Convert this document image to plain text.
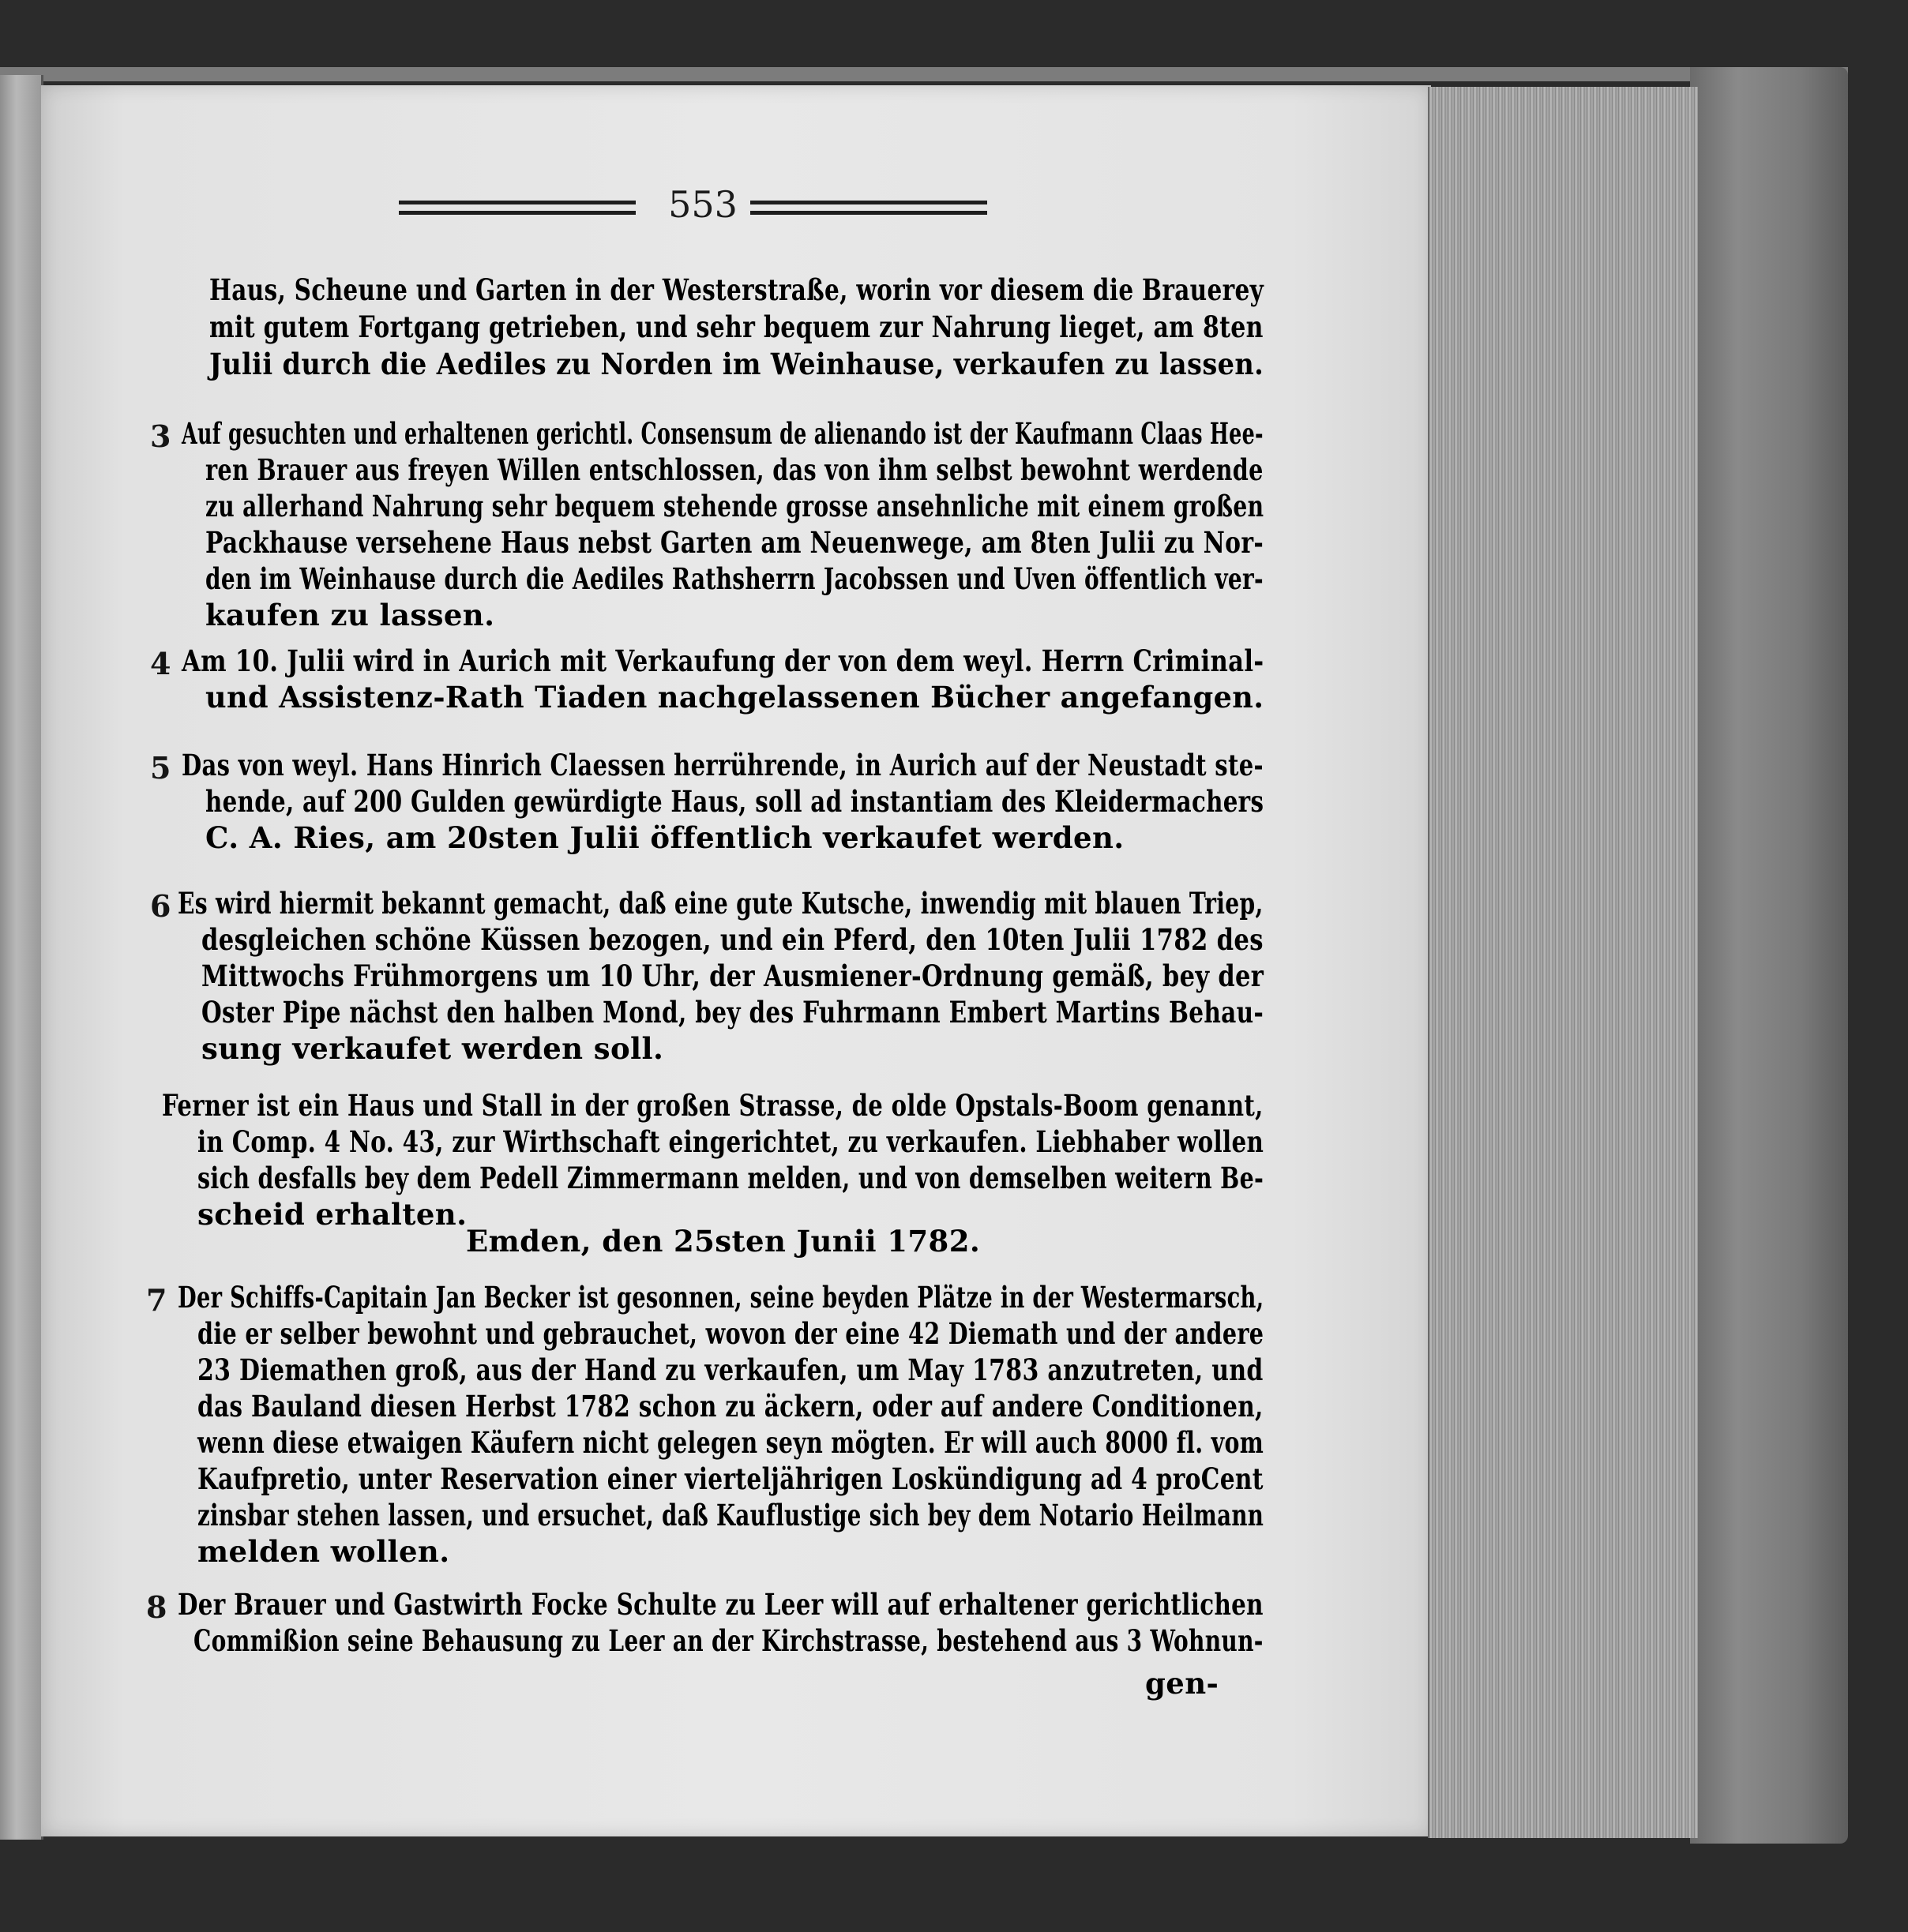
553
Haus, Scheune und Garten in der Westerstraße, worin vor diesem die Brauerey
mit gutem Fortgang getrieben, und sehr bequem zur Nahrung lieget, am 8ten
Julii durch die Aediles zu Norden im Weinhause, verkaufen zu lassen.
3 Auf gesuchten und erhaltenen gerichtl. Consensum de alienando ist der Kaufmann Claas Hee-
ren Brauer aus freyen Willen entschlossen, das von ihm selbst bewohnt werdende
zu allerhand Nahrung sehr bequem stehende grosse ansehnliche mit einem großen
Packhause versehene Haus nebst Garten am Neuenwege, am 8ten Julii zu Nor-
den im Weinhause durch die Aediles Rathsherrn Jacobssen und Uven öffentlich ver-
kaufen zu lassen.
4 Am 10. Julii wird in Aurich mit Verkaufung der von dem weyl. Herrn Criminal-
und Assistenz-Rath Tiaden nachgelassenen Bücher angefangen.
5 Das von weyl. Hans Hinrich Claessen herrührende, in Aurich auf der Neustadt ste-
hende, auf 200 Gulden gewürdigte Haus, soll ad instantiam des Kleidermachers
C. A. Ries, am 20sten Julii öffentlich verkaufet werden.
6 Es wird hiermit bekannt gemacht, daß eine gute Kutsche, inwendig mit blauen Triep,
desgleichen schöne Küssen bezogen, und ein Pferd, den 10ten Julii 1782 des
Mittwochs Frühmorgens um 10 Uhr, der Ausmiener-Ordnung gemäß, bey der
Oster Pipe nächst den halben Mond, bey des Fuhrmann Embert Martins Behau-
sung verkaufet werden soll.
Ferner ist ein Haus und Stall in der großen Strasse, de olde Opstals-Boom genannt,
in Comp. 4 No. 43, zur Wirthschaft eingerichtet, zu verkaufen. Liebhaber wollen
sich desfalls bey dem Pedell Zimmermann melden, und von demselben weitern Be-
scheid erhalten.
Emden, den 25sten Junii 1782.
7 Der Schiffs-Capitain Jan Becker ist gesonnen, seine beyden Plätze in der Westermarsch,
die er selber bewohnt und gebrauchet, wovon der eine 42 Diemath und der andere
23 Diemathen groß, aus der Hand zu verkaufen, um May 1783 anzutreten, und
das Bauland diesen Herbst 1782 schon zu äckern, oder auf andere Conditionen,
wenn diese etwaigen Käufern nicht gelegen seyn mögten. Er will auch 8000 fl. vom
Kaufpretio, unter Reservation einer vierteljährigen Loskündigung ad 4 proCent
zinsbar stehen lassen, und ersuchet, daß Kauflustige sich bey dem Notario Heilmann
melden wollen.
8 Der Brauer und Gastwirth Focke Schulte zu Leer will auf erhaltener gerichtlichen
Commißion seine Behausung zu Leer an der Kirchstrasse, bestehend aus 3 Wohnun-
gen-
